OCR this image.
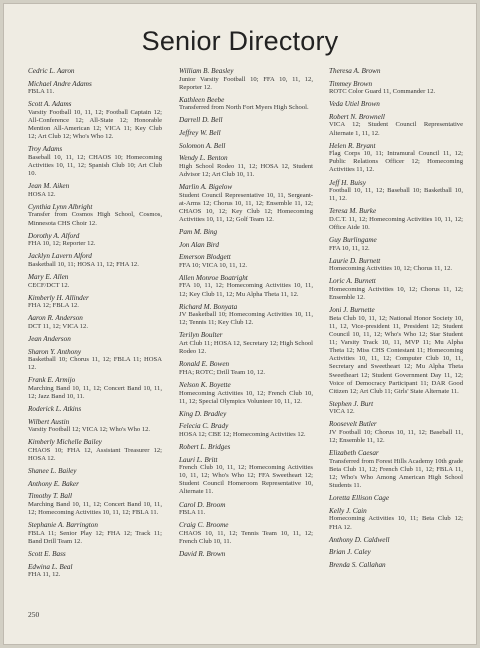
Senior Directory
Cedric L. Aaron
Michael Andre Adams
FBLA 11.
Scott A. Adams
Varsity Football 10, 11, 12; Football Captain 12; All-Conference 12; All-State 12; Honorable Mention All-American 12; VICA 11; Key Club 12; Art Club 12; Who's Who 12.
Troy Adams
Baseball 10, 11, 12; CHAOS 10; Homecoming Activities 10, 11, 12; Spanish Club 10; Art Club 10.
Jean M. Aiken
HOSA 12.
Cynthia Lynn Albright
Transfer from Cosmos High School, Cosmos, Minnesota CHS Choir 12.
Dorothy A. Alford
FHA 10, 12; Reporter 12.
Jacklyn Lavern Alford
Basketball 10, 11; HOSA 11, 12; FHA 12.
Mary E. Allen
CECF/DCT 12.
Kimberly H. Allinder
FHA 12; FBLA 12.
Aaron R. Anderson
DCT 11, 12; VICA 12.
Jean Anderson
Sharon Y. Anthony
Basketball 10; Chorus 11, 12; FBLA 11; HOSA 12.
Frank E. Armijo
Marching Band 10, 11, 12; Concert Band 10, 11, 12; Jazz Band 10, 11.
Roderick L. Atkins
Wilbert Austin
Varsity Football 12; VICA 12; Who's Who 12.
Kimberly Michelle Bailey
CHAOS 10; FHA 12, Assistant Treasurer 12; HOSA 12.
Shanee L. Bailey
Anthony E. Baker
Timothy T. Ball
Marching Band 10, 11, 12; Concert Band 10, 11, 12; Homecoming Activities 10, 11, 12; FBLA 11.
Stephanie A. Barrington
FBLA 11; Senior Play 12; FHA 12; Track 11; Band Drill Team 12.
Scott E. Bass
Edwina L. Beal
FHA 11, 12.
William B. Beasley
Junior Varsity Football 10; FFA 10, 11, 12, Reporter 12.
Kathleen Beebe
Transferred from North Fort Myers High School.
Darrell D. Bell
Jeffrey W. Bell
Solomon A. Bell
Wendy L. Benton
High School Rodeo 11, 12; HOSA 12, Student Advisor 12; Art Club 10, 11.
Marlin A. Bigelow
Student Council Representative 10, 11, Sergeant-at-Arms 12; Chorus 10, 11, 12; Ensemble 11, 12; CHAOS 10, 12; Key Club 12; Homecoming Activities 10, 11, 12; Golf Team 12.
Pam M. Bing
Jon Alan Bird
Emerson Blodgett
FFA 10; VICA 10, 11, 12.
Allen Monroe Boatright
FFA 10, 11, 12; Homecoming Activities 10, 11, 12; Key Club 11, 12; Mu Alpha Theta 11, 12.
Richard M. Bonyata
JV Basketball 10; Homecoming Activities 10, 11, 12; Tennis 11; Key Club 12.
Terilyn Boulter
Art Club 11; HOSA 12, Secretary 12; High School Rodeo 12.
Ronald E. Bowen
FHA; ROTC; Drill Team 10, 12.
Nelson K. Boyette
Homecoming Activities 10, 12; French Club 10, 11, 12; Special Olympics Volunteer 10, 11, 12.
King D. Bradley
Felecia C. Brady
HOSA 12; CBE 12; Homecoming Activities 12.
Robert L. Bridges
Lauri L. Britt
French Club 10, 11, 12; Homecoming Activities 10, 11, 12; Who's Who 12; FFA Sweetheart 12; Student Council Homeroom Representative 10, Alternate 11.
Carol D. Broom
FBLA 11.
Craig C. Broome
CHAOS 10, 11, 12; Tennis Team 10, 11, 12; French Club 10, 11.
David R. Brown
Theresa A. Brown
Timmey Brown
ROTC Color Guard 11, Commander 12.
Veda Utiel Brown
Robert N. Brownell
VICA 12; Student Council Representative Alternate 1, 11, 12.
Helen R. Bryant
Flag Corps 10, 11; Intramural Council 11, 12; Public Relations Officer 12; Homecoming Activities 11, 12.
Jeff H. Buisy
Football 10, 11, 12; Baseball 10; Basketball 10, 11, 12.
Teresa M. Burke
D.C.T. 11, 12; Homecoming Activities 10, 11, 12; Office Aide 10.
Guy Burlingame
FFA 10, 11, 12.
Laurie D. Burnett
Homecoming Activities 10, 12; Chorus 11, 12.
Loric A. Burnett
Homecoming Activities 10, 12; Chorus 11, 12; Ensemble 12.
Joni J. Burnette
Beta Club 10, 11, 12; National Honor Society 10, 11, 12, Vice-president 11, President 12; Student Council 10, 11, 12; Who's Who 12; Star Student 11; Varsity Track 10, 11, MVP 11; Mu Alpha Theta 12; Miss CHS Contestant 11; Homecoming Activities 10, 11, 12; Computer Club 10, 11, Secretary and Sweetheart 12; Mu Alpha Theta Sweetheart 12; Student Government Day 11, 12; Voice of Democracy Participant 11; DAR Good Citizen 12; Art Club 11; Girls' State Alternate 11.
Stephen J. Burt
VICA 12.
Roosevelt Butler
JV Football 10; Chorus 10, 11, 12; Baseball 11, 12; Ensemble 11, 12.
Elizabeth Caesar
Transferred from Forest Hills Academy 10th grade Beta Club 11, 12; French Club 11, 12; FBLA 11, 12; Who's Who Among American High School Students 11.
Loretta Ellison Cage
Kelly J. Cain
Homecoming Activities 10, 11; Beta Club 12; FHA 12.
Anthony D. Caldwell
Brian J. Caley
Brenda S. Callahan
250
